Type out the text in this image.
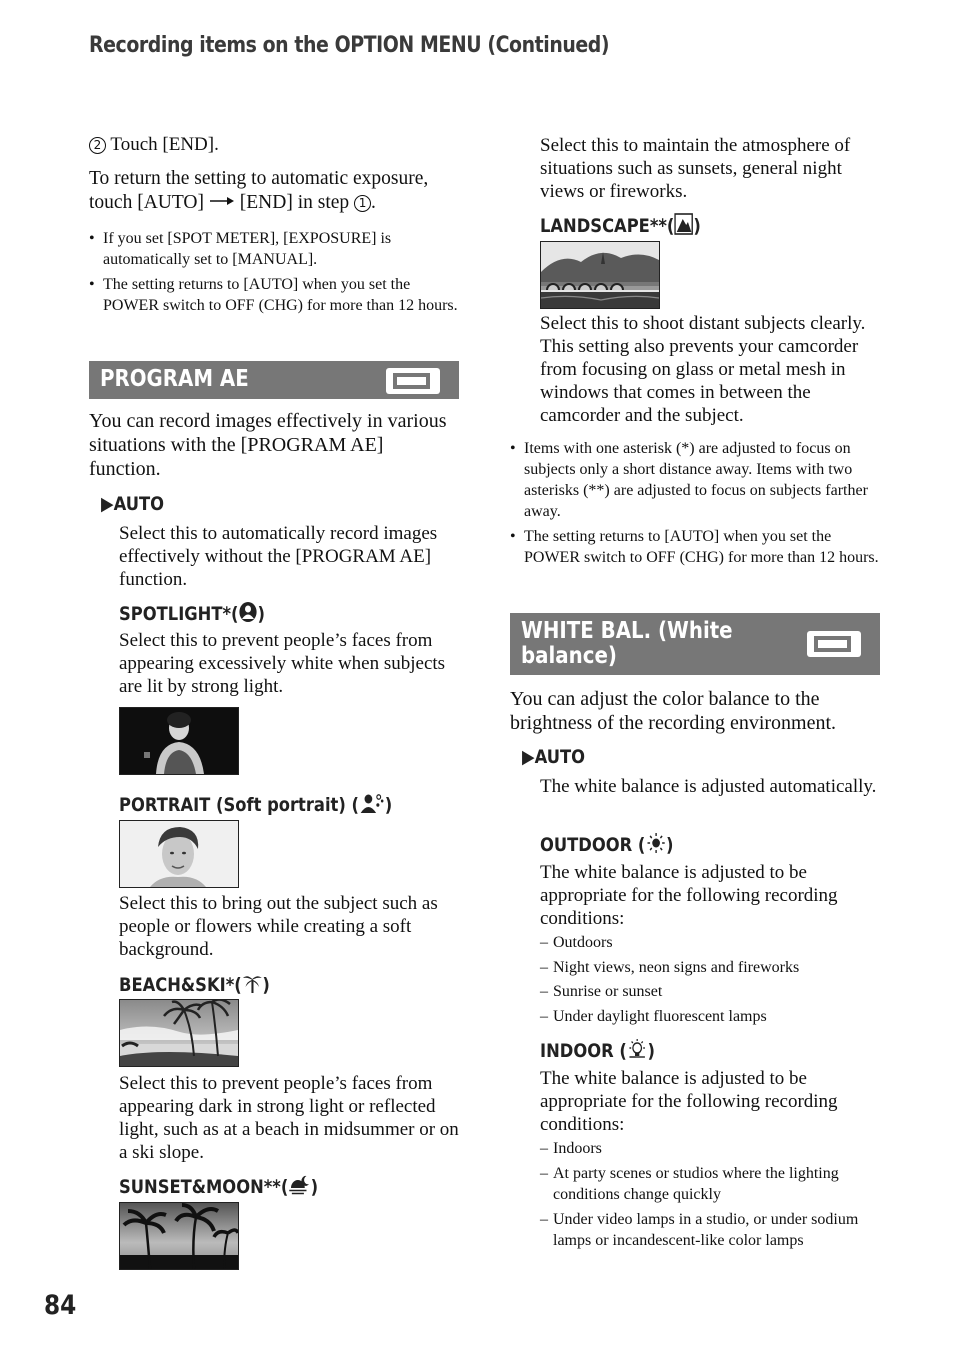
Recording items on the OPTION MENU (Continued)
2 Touch [END].
To return the setting to automatic exposure, touch [AUTO] [END] in step 1 .
• If you set [SPOT METER], [EXPOSURE] is automatically set to [MANUAL].
• The setting returns to [AUTO] when you set the POWER switch to OFF (CHG) for more than 12 hours.
PROGRAM AE
You can record images effectively in various situations with the [PROGRAM AE] function.
▶AUTO
Select this to automatically record images effectively without the [PROGRAM AE] function.
SPOTLIGHT*( )
Select this to prevent people’s faces from appearing excessively white when subjects are lit by strong light.
PORTRAIT (Soft portrait) ( )
Select this to bring out the subject such as people or flowers while creating a soft background.
BEACH&SKI*( )
Select this to prevent people’s faces from appearing dark in strong light or reflected light, such as at a beach in midsummer or on a ski slope.
SUNSET&MOON**( )
Select this to maintain the atmosphere of situations such as sunsets, general night views or fireworks.
LANDSCAPE**( )
Select this to shoot distant subjects clearly. This setting also prevents your camcorder from focusing on glass or metal mesh in windows that comes in between the camcorder and the subject.
• Items with one asterisk (*) are adjusted to focus on subjects only a short distance away. Items with two asterisks (**) are adjusted to focus on subjects farther away.
• The setting returns to [AUTO] when you set the POWER switch to OFF (CHG) for more than 12 hours.
WHITE BAL. (White
balance)
You can adjust the color balance to the brightness of the recording environment.
▶AUTO
The white balance is adjusted automatically.
OUTDOOR ( )
The white balance is adjusted to be appropriate for the following recording conditions:
– Outdoors
– Night views, neon signs and fireworks
– Sunrise or sunset
– Under daylight fluorescent lamps
INDOOR ( )
The white balance is adjusted to be appropriate for the following recording conditions:
– Indoors
– At party scenes or studios where the lighting conditions change quickly
– Under video lamps in a studio, or under sodium lamps or incandescent-like color lamps
84
